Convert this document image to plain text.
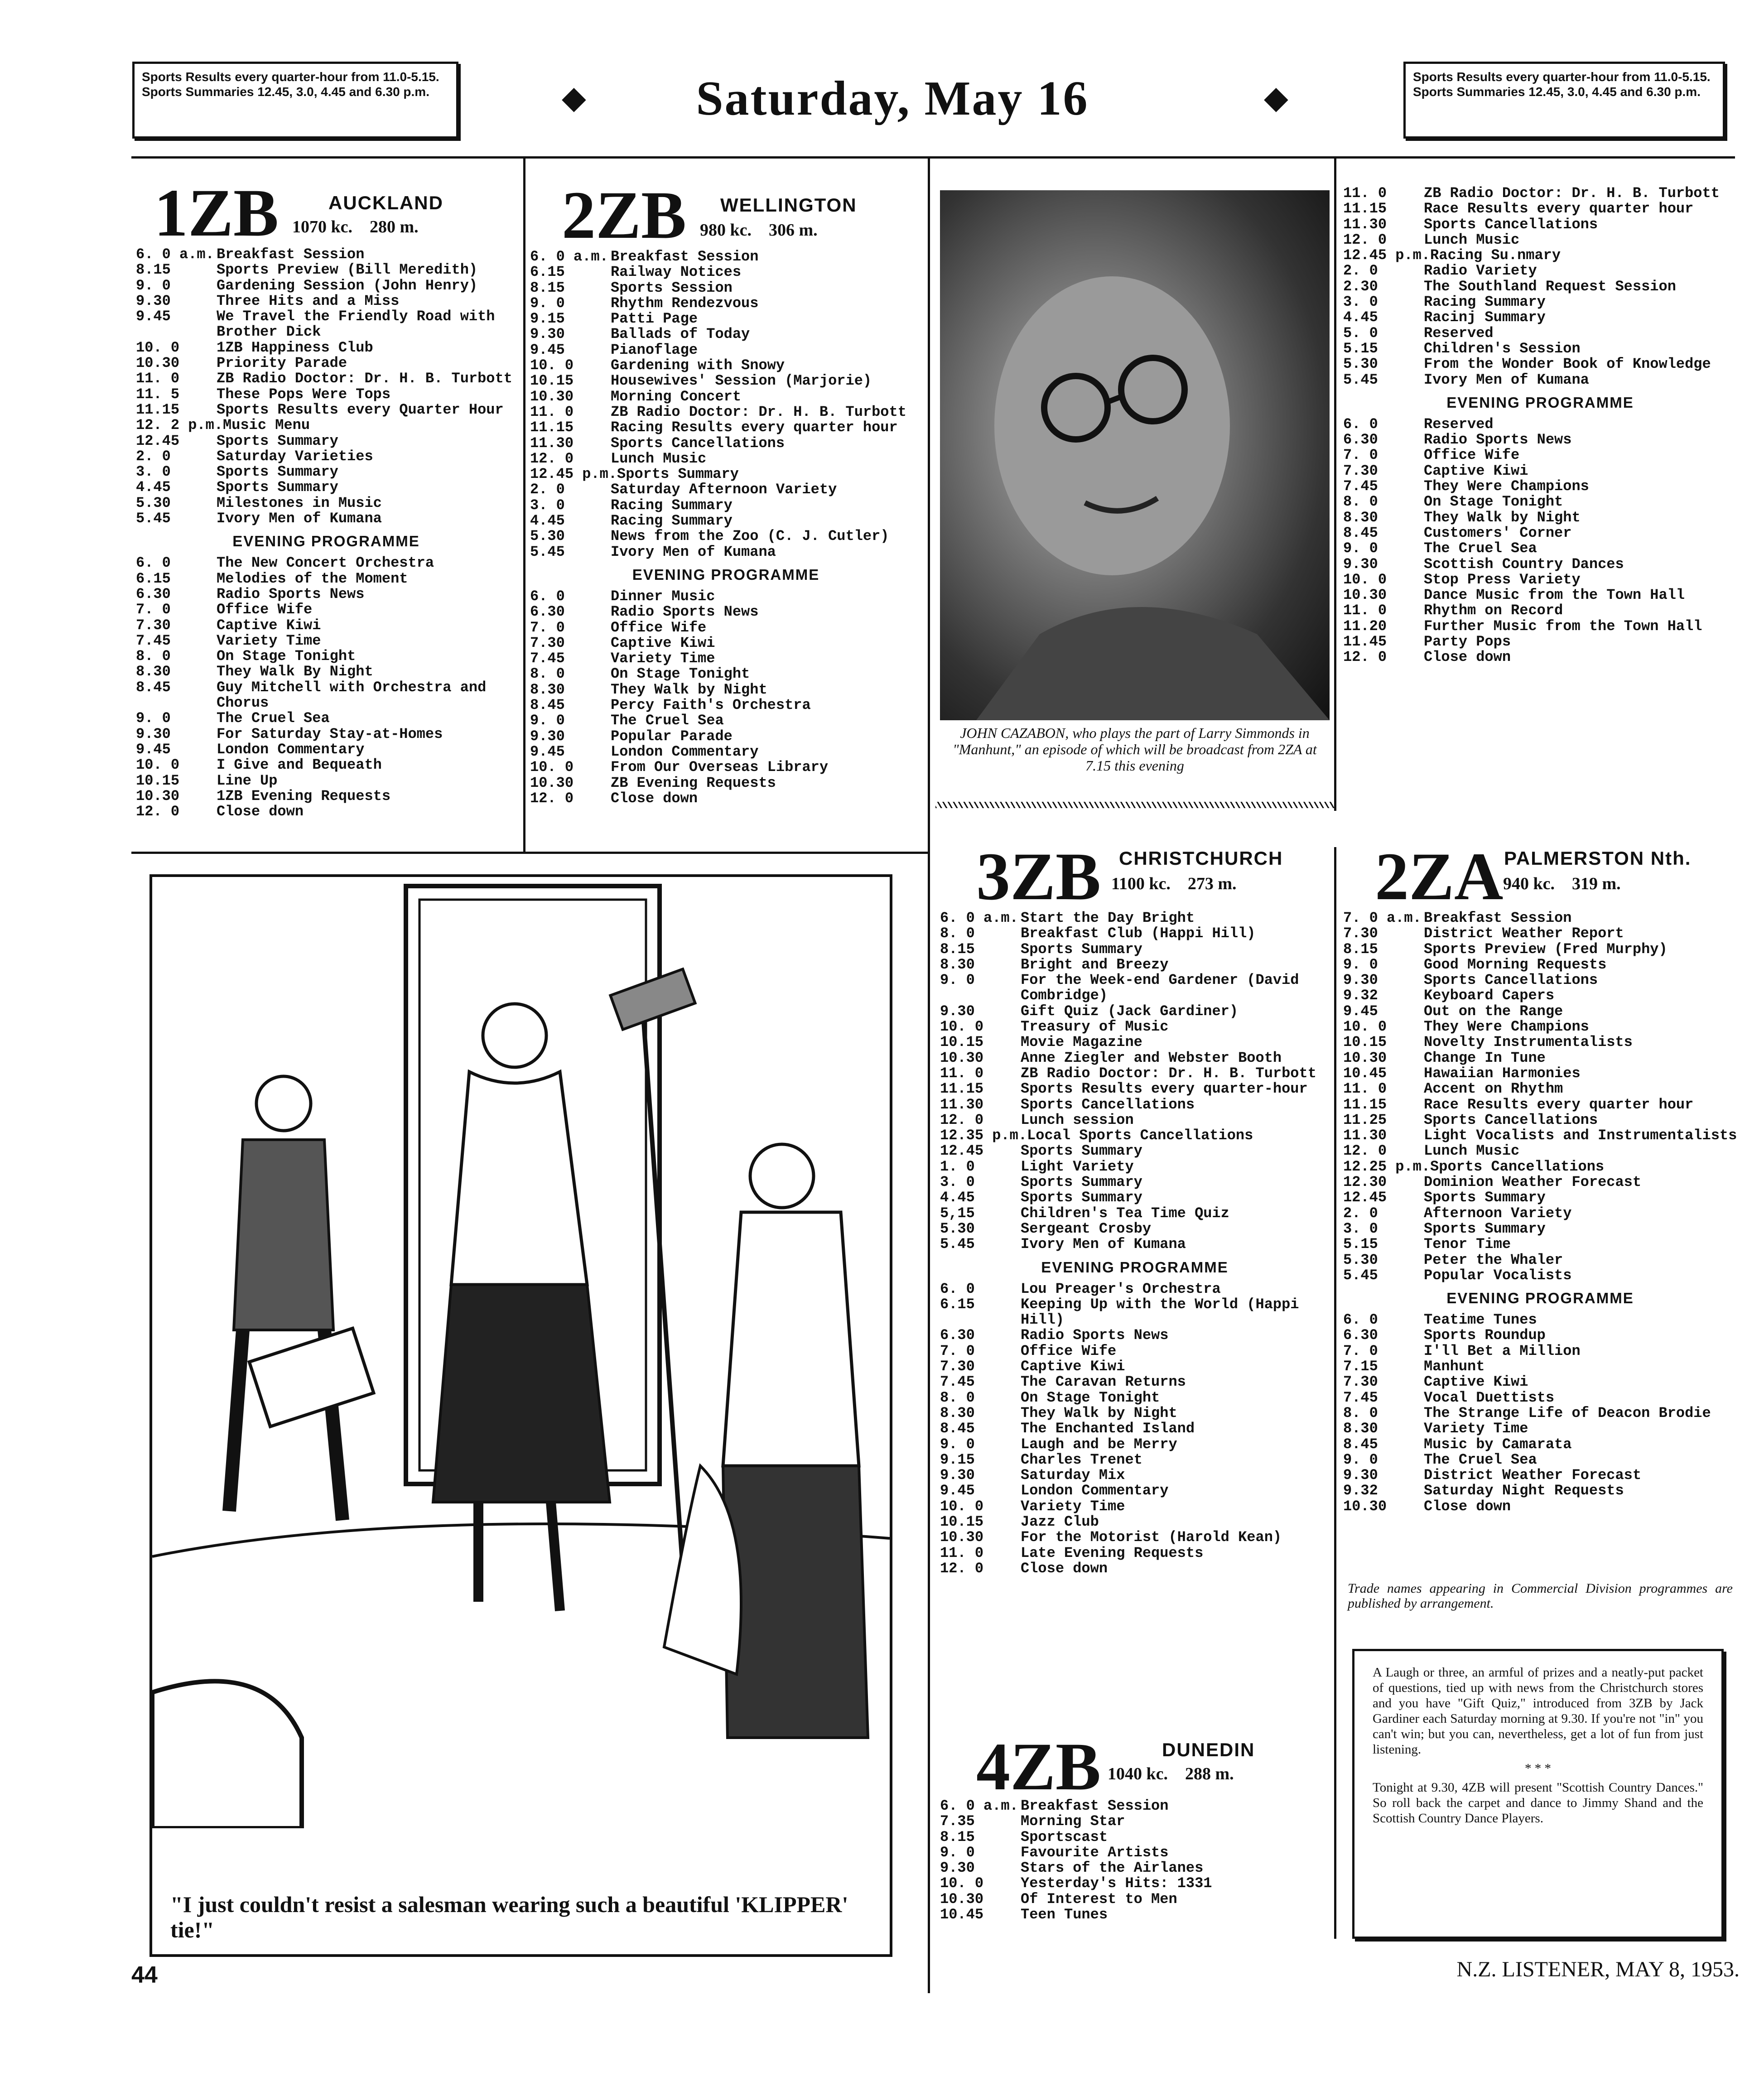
Sports Results every quarter-hour from 11.0-5.15. Sports Summaries 12.45, 3.0, 4.45 and 6.30 p.m.	◆	Saturday, May 16	◆
Sports Results every quarter-hour from 11.0-5.15. Sports Summaries 12.45, 3.0, 4.45 and 6.30 p.m.
1ZB	AUCKLAND
1070 kc.    280 m.
6. 0 a.m. Breakfast Session
8.15	Sports Preview (Bill Meredith)
9. 0	Gardening Session (John Henry)
9.30	Three Hits and a Miss
9.45	We Travel the Friendly Road with Brother Dick
10. 0	1ZB Happiness Club
10.30	Priority Parade
11. 0	ZB Radio Doctor: Dr. H. B. Turbott
11. 5	These Pops Were Tops
11.15	Sports Results every Quarter Hour
12. 2 p.m. Music Menu
12.45	Sports Summary
2. 0	Saturday Varieties
3. 0	Sports Summary
4.45	Sports Summary
5.30	Milestones in Music
5.45	Ivory Men of Kumana
EVENING PROGRAMME
6. 0	The New Concert Orchestra
6.15	Melodies of the Moment
6.30	Radio Sports News
7. 0	Office Wife
7.30	Captive Kiwi
7.45	Variety Time
8. 0	On Stage Tonight
8.30	They Walk By Night
8.45	Guy Mitchell with Orchestra and Chorus
9. 0	The Cruel Sea
9.30	For Saturday Stay-at-Homes
9.45	London Commentary
10. 0	I Give and Bequeath
10.15	Line Up
10.30	1ZB Evening Requests
12. 0	Close down
2ZB WELLINGTON
980 kc.    306 m.
6. 0 a.m. Breakfast Session
6.15	Railway Notices
8.15	Sports Session
9. 0	Rhythm Rendezvous
9.15	Patti Page
9.30	Ballads of Today
9.45	Pianoflage
10. 0	Gardening with Snowy
10.15	Housewives' Session (Marjorie)
10.30	Morning Concert
11. 0	ZB Radio Doctor: Dr. H. B. Turbott
11.15	Racing Results every quarter hour
11.30	Sports Cancellations
12. 0	Lunch Music
12.45 p.m. Sports Summary
2. 0	Saturday Afternoon Variety
3. 0	Racing Summary
4.45	Racing Summary
5.30	News from the Zoo (C. J. Cutler)
5.45	Ivory Men of Kumana
EVENING PROGRAMME
6. 0	Dinner Music
6.30	Radio Sports News
7. 0	Office Wife
7.30	Captive Kiwi
7.45	Variety Time
8. 0	On Stage Tonight
8.30	They Walk by Night
8.45	Percy Faith's Orchestra
9. 0	The Cruel Sea
9.30	Popular Parade
9.45	London Commentary
10. 0	From Our Overseas Library
10.30	ZB Evening Requests
12. 0	Close down
JOHN CAZABON, who plays the part of Larry Simmonds in "Manhunt," an episode of which will be broadcast from 2ZA at 7.15 this evening
11. 0	ZB Radio Doctor: Dr. H. B. Turbott
11.15	Race Results every quarter hour
11.30	Sports Cancellations
12. 0	Lunch Music
12.45 p.m. Racing Su.nmary
2. 0	Radio Variety
2.30	The Southland Request Session
3. 0	Racing Summary
4.45	Racinj Summary
5. 0	Reserved
5.15	Children's Session
5.30	From the Wonder Book of Knowledge
5.45	Ivory Men of Kumana
EVENING PROGRAMME
6. 0	Reserved
6.30	Radio Sports News
7. 0	Office Wife
7.30	Captive Kiwi
7.45	They Were Champions
8. 0	On Stage Tonight
8.30	They Walk by Night
8.45	Customers' Corner
9. 0	The Cruel Sea
9.30	Scottish Country Dances
10. 0	Stop Press Variety
10.30	Dance Music from the Town Hall
11. 0	Rhythm on Record
11.20	Further Music from the Town Hall
11.45	Party Pops
12. 0	Close down
"I just couldn't resist a salesman wearing such a beautiful 'KLIPPER' tie!"
3ZB CHRISTCHURCH
1100 kc.    273 m.
6. 0 a.m. Start the Day Bright
8. 0	Breakfast Club (Happi Hill)
8.15	Sports Summary
8.30	Bright and Breezy
9. 0	For the Week-end Gardener (David Combridge)
9.30	Gift Quiz (Jack Gardiner)
10. 0	Treasury of Music
10.15	Movie Magazine
10.30	Anne Ziegler and Webster Booth
11. 0	ZB Radio Doctor: Dr. H. B. Turbott
11.15	Sports Results every quarter-hour
11.30	Sports Cancellations
12. 0	Lunch session
12.35 p.m. Local Sports Cancellations
12.45	Sports Summary
1. 0	Light Variety
3. 0	Sports Summary
4.45	Sports Summary
5,15	Children's Tea Time Quiz
5.30	Sergeant Crosby
5.45	Ivory Men of Kumana
EVENING PROGRAMME
6. 0	Lou Preager's Orchestra
6.15	Keeping Up with the World (Happi Hill)
6.30	Radio Sports News
7. 0	Office Wife
7.30	Captive Kiwi
7.45	The Caravan Returns
8. 0	On Stage Tonight
8.30	They Walk by Night
8.45	The Enchanted Island
9. 0	Laugh and be Merry
9.15	Charles Trenet
9.30	Saturday Mix
9.45	London Commentary
10. 0	Variety Time
10.15	Jazz Club
10.30	For the Motorist (Harold Kean)
11. 0	Late Evening Requests
12. 0	Close down
4ZB	DUNEDIN
1040 kc.    288 m.
6. 0 a.m. Breakfast Session
7.35	Morning Star
8.15	Sportscast
9. 0	Favourite Artists
9.30	Stars of the Airlanes
10. 0	Yesterday's Hits: 1331
10.30	Of Interest to Men
10.45	Teen Tunes
2ZA PALMERSTON Nth.
940 kc.    319 m.
7. 0 a.m. Breakfast Session
7.30	District Weather Report
8.15	Sports Preview (Fred Murphy)
9. 0	Good Morning Requests
9.30	Sports Cancellations
9.32	Keyboard Capers
9.45	Out on the Range
10. 0	They Were Champions
10.15	Novelty Instrumentalists
10.30	Change In Tune
10.45	Hawaiian Harmonies
11. 0	Accent on Rhythm
11.15	Race Results every quarter hour
11.25	Sports Cancellations
11.30	Light Vocalists and Instrumentalists
12. 0	Lunch Music
12.25 p.m. Sports Cancellations
12.30	Dominion Weather Forecast
12.45	Sports Summary
2. 0	Afternoon Variety
3. 0	Sports Summary
5.15	Tenor Time
5.30	Peter the Whaler
5.45	Popular Vocalists
EVENING PROGRAMME
6. 0	Teatime Tunes
6.30	Sports Roundup
7. 0	I'll Bet a Million
7.15	Manhunt
7.30	Captive Kiwi
7.45	Vocal Duettists
8. 0	The Strange Life of Deacon Brodie
8.30	Variety Time
8.45	Music by Camarata
9. 0	The Cruel Sea
9.30	District Weather Forecast
9.32	Saturday Night Requests
10.30	Close down
Trade names appearing in Commercial Division programmes are published by arrangement.
A Laugh or three, an armful of prizes and a neatly-put packet of questions, tied up with news from the Christchurch stores and you have "Gift Quiz," introduced from 3ZB by Jack Gardiner each Saturday morning at 9.30. If you're not "in" you can't win; but you can, nevertheless, get a lot of fun from just listening.
* * *
Tonight at 9.30, 4ZB will present "Scottish Country Dances." So roll back the carpet and dance to Jimmy Shand and the Scottish Country Dance Players.
44	N.Z. LISTENER, MAY 8, 1953.
